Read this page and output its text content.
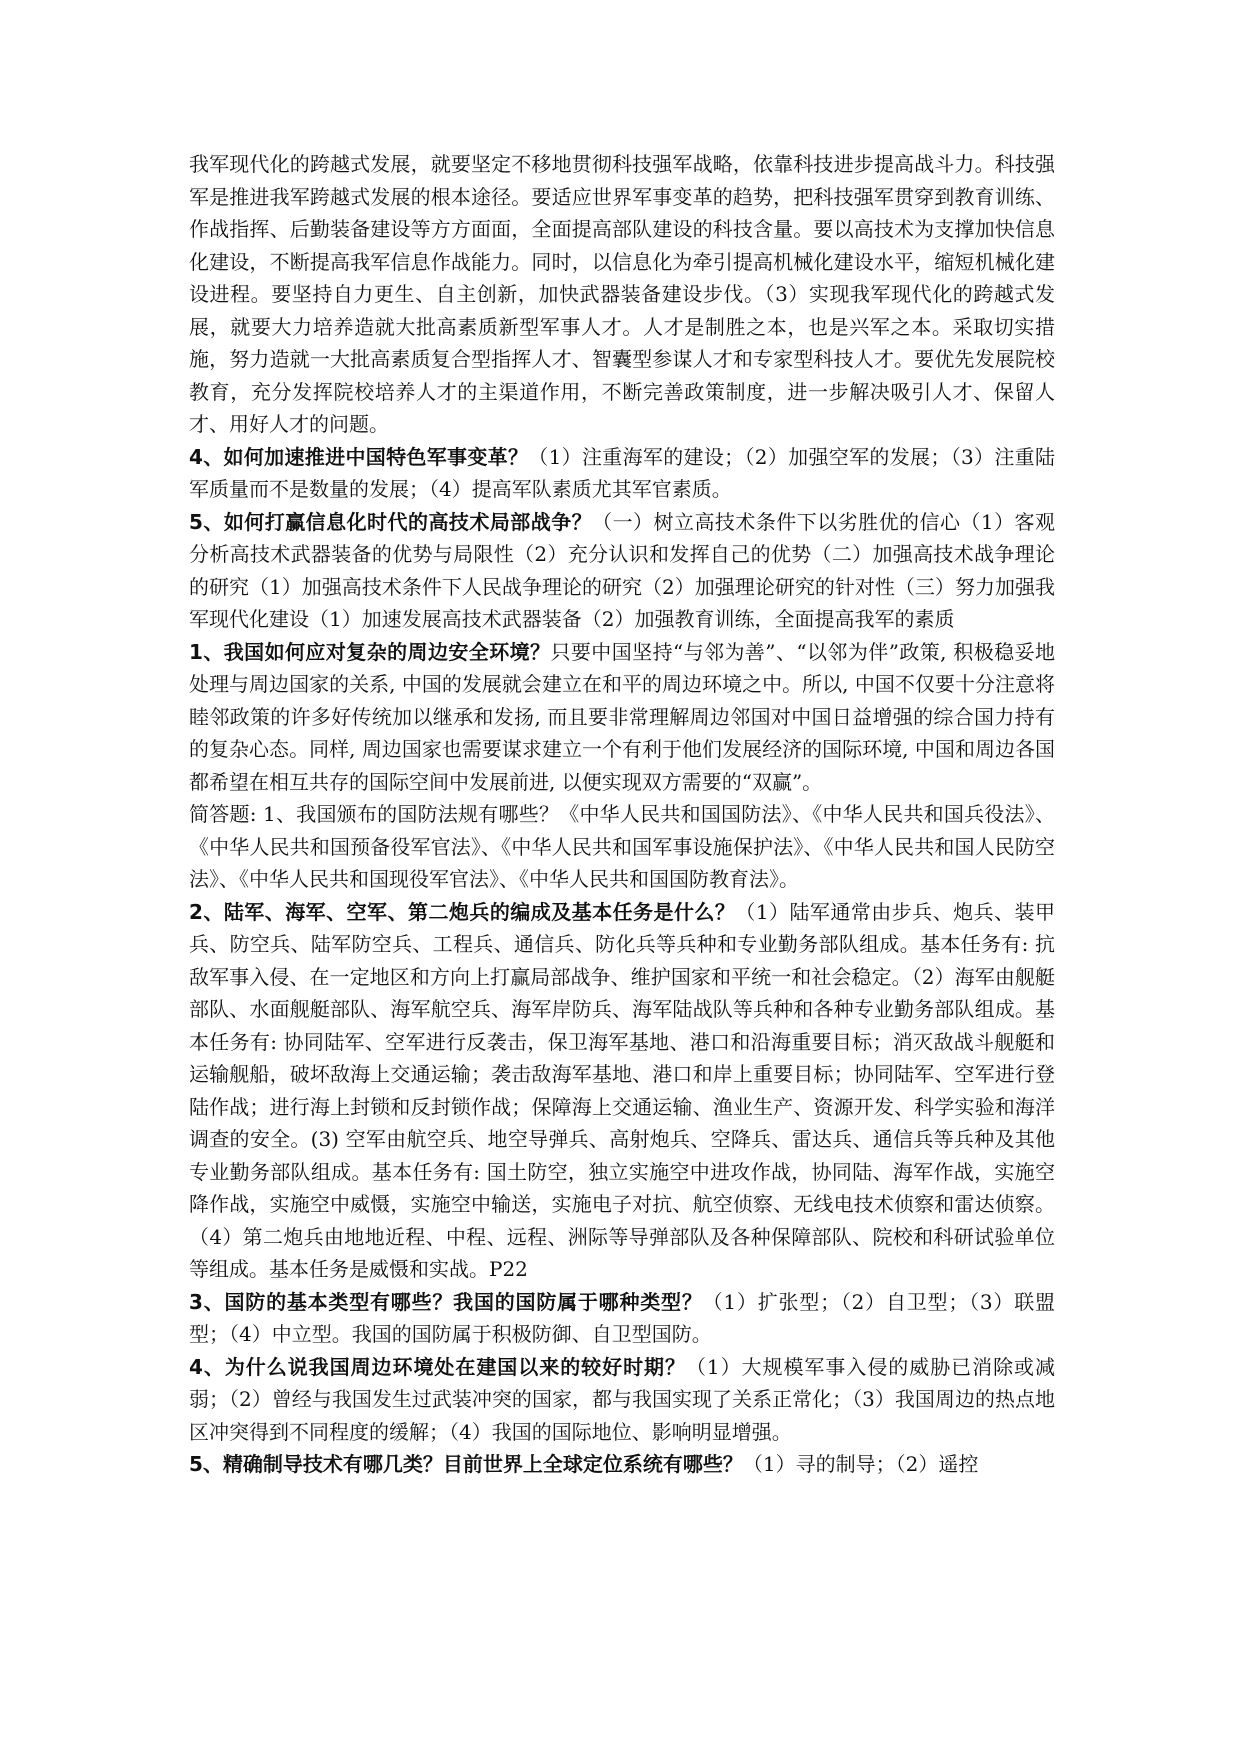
我军现代化的跨越式发展，就要坚定不移地贯彻科技强军战略，依靠科技进步提高战斗力。科技强军是推进我军跨越式发展的根本途径。要适应世界军事变革的趋势，把科技强军贯穿到教育训练、作战指挥、后勤装备建设等方方面面，全面提高部队建设的科技含量。要以高技术为支撑加快信息化建设，不断提高我军信息作战能力。同时，以信息化为牵引提高机械化建设水平，缩短机械化建设进程。要坚持自力更生、自主创新，加快武器装备建设步伐。（3）实现我军现代化的跨越式发展，就要大力培养造就大批高素质新型军事人才。人才是制胜之本，也是兴军之本。采取切实措施，努力造就一大批高素质复合型指挥人才、智囊型参谋人才和专家型科技人才。要优先发展院校教育，充分发挥院校培养人才的主渠道作用，不断完善政策制度，进一步解决吸引人才、保留人才、用好人才的问题。

4、如何加速推进中国特色军事变革？（1）注重海军的建设；（2）加强空军的发展；（3）注重陆军质量而不是数量的发展；（4）提高军队素质尤其军官素质。

5、如何打赢信息化时代的高技术局部战争？（一）树立高技术条件下以劣胜优的信心（1）客观分析高技术武器装备的优势与局限性（2）充分认识和发挥自己的优势（二）加强高技术战争理论的研究（1）加强高技术条件下人民战争理论的研究（2）加强理论研究的针对性（三）努力加强我军现代化建设（1）加速发展高技术武器装备（2）加强教育训练，全面提高我军的素质

1、我国如何应对复杂的周边安全环境？只要中国坚持“与邻为善”、“以邻为伴”政策, 积极稳妥地处理与周边国家的关系, 中国的发展就会建立在和平的周边环境之中。所以, 中国不仅要十分注意将睦邻政策的许多好传统加以继承和发扬, 而且要非常理解周边邻国对中国日益增强的综合国力持有的复杂心态。同样, 周边国家也需要谋求建立一个有利于他们发展经济的国际环境, 中国和周边各国都希望在相互共存的国际空间中发展前进, 以便实现双方需要的“双赢”。

简答题: 1、我国颁布的国防法规有哪些？《中华人民共和国国防法》、《中华人民共和国兵役法》、《中华人民共和国预备役军官法》、《中华人民共和国军事设施保护法》、《中华人民共和国人民防空法》、《中华人民共和国现役军官法》、《中华人民共和国国防教育法》。

2、陆军、海军、空军、第二炮兵的编成及基本任务是什么？（1）陆军通常由步兵、炮兵、装甲兵、防空兵、陆军防空兵、工程兵、通信兵、防化兵等兵种和专业勤务部队组成。基本任务有: 抗敌军事入侵、在一定地区和方向上打赢局部战争、维护国家和平统一和社会稳定。（2）海军由舰艇部队、水面舰艇部队、海军航空兵、海军岸防兵、海军陆战队等兵种和各种专业勤务部队组成。基本任务有: 协同陆军、空军进行反袭击，保卫海军基地、港口和沿海重要目标；消灭敌战斗舰艇和运输舰船，破坏敌海上交通运输；袭击敌海军基地、港口和岸上重要目标；协同陆军、空军进行登陆作战；进行海上封锁和反封锁作战；保障海上交通运输、渔业生产、资源开发、科学实验和海洋调查的安全。(3) 空军由航空兵、地空导弹兵、高射炮兵、空降兵、雷达兵、通信兵等兵种及其他专业勤务部队组成。基本任务有: 国土防空，独立实施空中进攻作战，协同陆、海军作战，实施空降作战，实施空中威慑，实施空中输送，实施电子对抗、航空侦察、无线电技术侦察和雷达侦察。（4）第二炮兵由地地近程、中程、远程、洲际等导弹部队及各种保障部队、院校和科研试验单位等组成。基本任务是威慑和实战。P22

3、国防的基本类型有哪些？我国的国防属于哪种类型？（1）扩张型；（2）自卫型；（3）联盟型；（4）中立型。我国的国防属于积极防御、自卫型国防。

4、为什么说我国周边环境处在建国以来的较好时期？（1）大规模军事入侵的威胁已消除或减弱；（2）曾经与我国发生过武装冲突的国家，都与我国实现了关系正常化；（3）我国周边的热点地区冲突得到不同程度的缓解；（4）我国的国际地位、影响明显增强。

5、精确制导技术有哪几类？目前世界上全球定位系统有哪些？（1）寻的制导；（2）遥控
